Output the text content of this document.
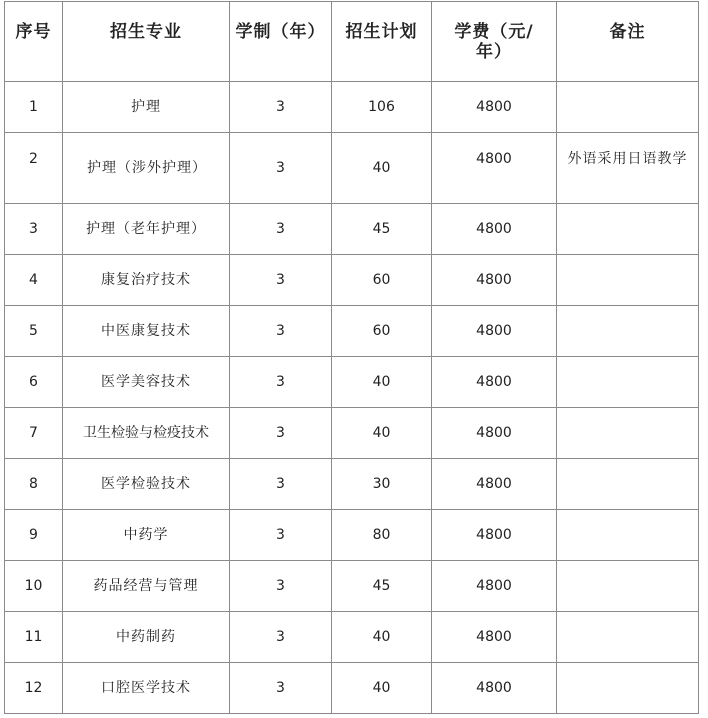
序号	招生专业	学制（年）	招生计划	学费（元/年）	备注
1	护理	3	106	4800	
2	护理（涉外护理）	3	40	4800	外语采用日语教学
3	护理（老年护理）	3	45	4800	
4	康复治疗技术	3	60	4800	
5	中医康复技术	3	60	4800	
6	医学美容技术	3	40	4800	
7	卫生检验与检疫技术	3	40	4800	
8	医学检验技术	3	30	4800	
9	中药学	3	80	4800	
10	药品经营与管理	3	45	4800	
11	中药制药	3	40	4800	
12	口腔医学技术	3	40	4800	
